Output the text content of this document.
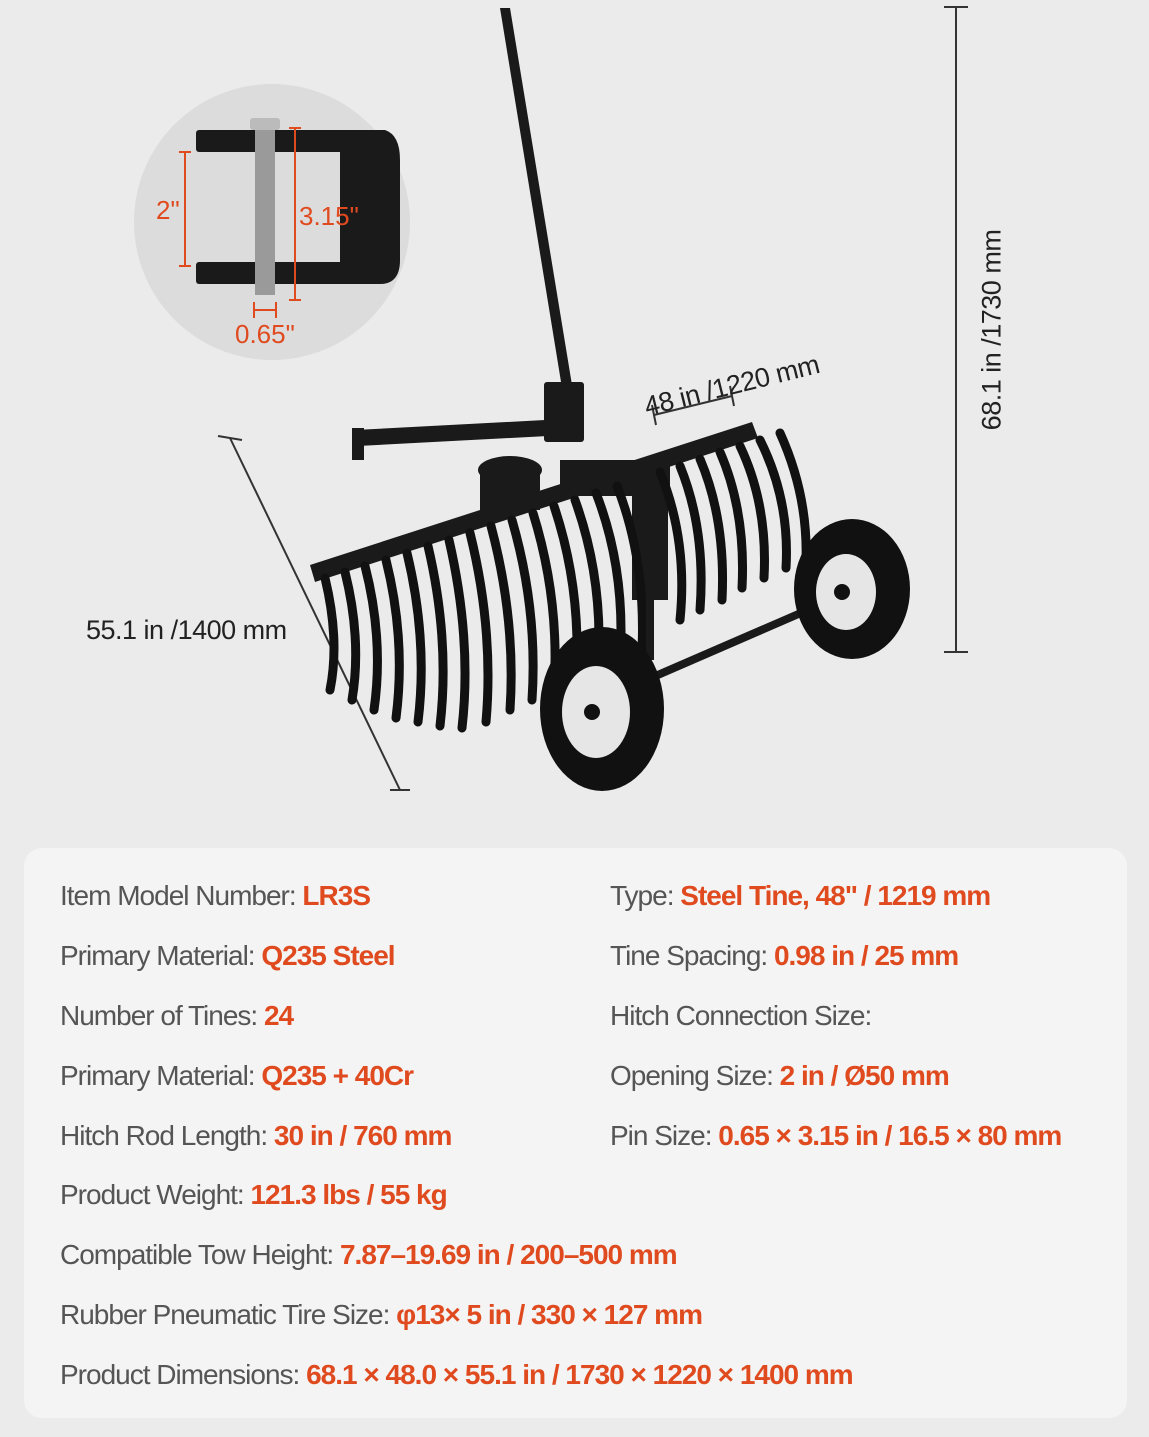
68.1 in /1730 mm
48 in /1220 mm
55.1 in /1400 mm
2"	3.15"
0.65"
Item Model Number: LR3S
Primary Material: Q235 Steel
Number of Tines: 24
Primary Material: Q235 + 40Cr
Hitch Rod Length: 30 in / 760 mm
Product Weight: 121.3 lbs / 55 kg
Compatible Tow Height: 7.87–19.69 in / 200–500 mm
Rubber Pneumatic Tire Size: φ13× 5 in / 330 × 127 mm
Product Dimensions: 68.1 × 48.0 × 55.1 in / 1730 × 1220 × 1400 mm
Type: Steel Tine, 48" / 1219 mm
Tine Spacing: 0.98 in / 25 mm
Hitch Connection Size:
Opening Size: 2 in / Ø50 mm
Pin Size: 0.65 × 3.15 in / 16.5 × 80 mm
